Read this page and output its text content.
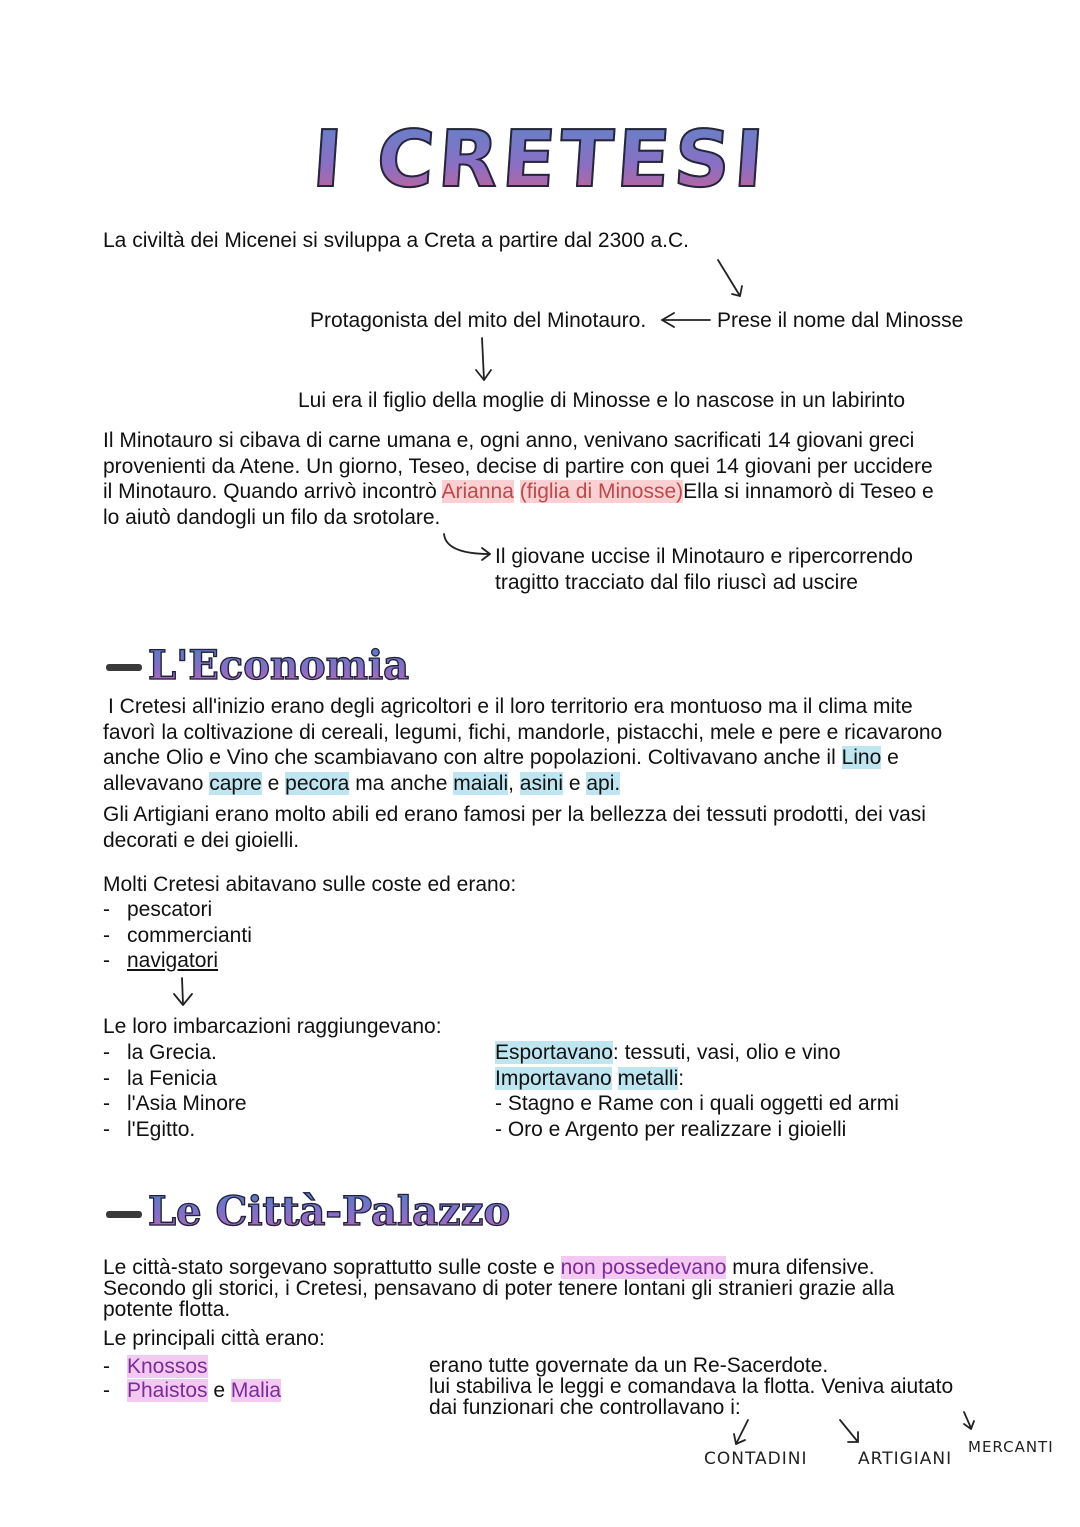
I CRETESI
La civiltà dei Micenei si sviluppa a Creta a partire dal 2300 a.C.
Protagonista del mito del Minotauro.	Prese il nome dal Minosse
Lui era il figlio della moglie di Minosse e lo nascose in un labirinto
Il Minotauro si cibava di carne umana e, ogni anno, venivano sacrificati 14 giovani greci
provenienti da Atene. Un giorno, Teseo, decise di partire con quei 14 giovani per uccidere
il Minotauro. Quando arrivò incontrò Arianna (figlia di Minosse)Ella si innamorò di Teseo e
lo aiutò dandogli un filo da srotolare.
Il giovane uccise il Minotauro e ripercorrendo
tragitto tracciato dal filo riuscì ad uscire
L'Economia
I Cretesi all'inizio erano degli agricoltori e il loro territorio era montuoso ma il clima mite
favorì la coltivazione di cereali, legumi, fichi, mandorle, pistacchi, mele e pere e ricavarono
anche Olio e Vino che scambiavano con altre popolazioni. Coltivavano anche il Lino e
allevavano capre e pecora ma anche maiali, asini e api.
Gli Artigiani erano molto abili ed erano famosi per la bellezza dei tessuti prodotti, dei vasi
decorati e dei gioielli.
Molti Cretesi abitavano sulle coste ed erano:
- pescatori
- commercianti
- navigatori
Le loro imbarcazioni raggiungevano:
- la Grecia.
- la Fenicia
- l'Asia Minore
- l'Egitto.
Esportavano: tessuti, vasi, olio e vino
Importavano metalli:
- Stagno e Rame con i quali oggetti ed armi
- Oro e Argento per realizzare i gioielli
Le Città-Palazzo
Le città-stato sorgevano soprattutto sulle coste e non possedevano mura difensive.
Secondo gli storici, i Cretesi, pensavano di poter tenere lontani gli stranieri grazie alla
potente flotta.
Le principali città erano:
- Knossos
- Phaistos e Malia
erano tutte governate da un Re-Sacerdote.
lui stabiliva le leggi e comandava la flotta. Veniva aiutato
dai funzionari che controllavano i:
CONTADINI	ARTIGIANI
MERCANTI
